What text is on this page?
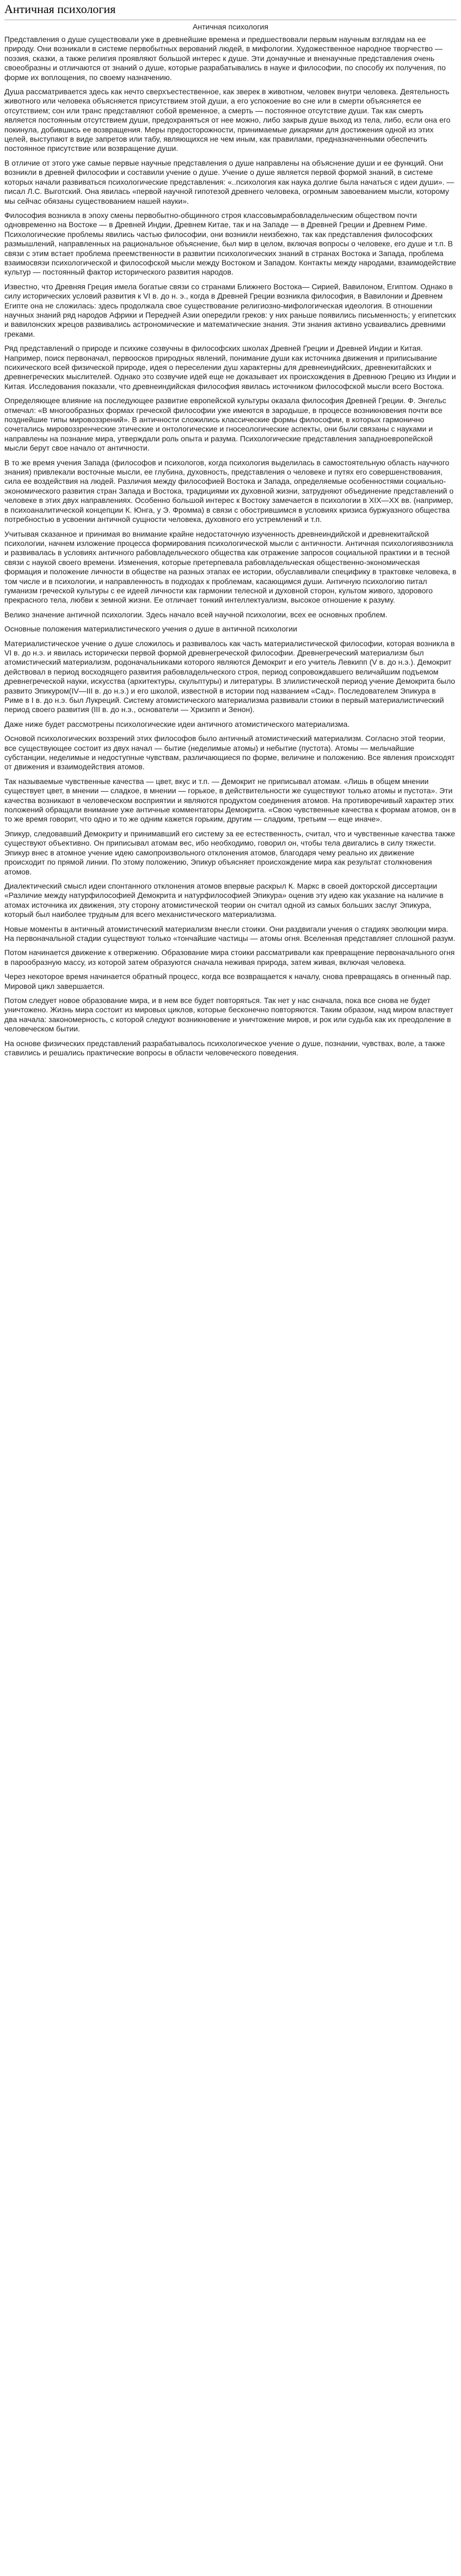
Античная психология
Античная психология

Представления о душе существовали уже в древнейшие времена и предшествовали первым научным взглядам на ее природу. Они возникали в системе первобытных верований людей, в мифологии. Художественное народное творчество — поэзия, сказки, а также религия проявляют большой интерес к душе. Эти донаучные и вненаучные представления очень своеобразны и отличаются от знаний о душе, которые разрабатывались в науке и философии, по способу их получения, по форме их воплощения, по своему назначению.

Душа рассматривается здесь как нечто сверхъестественное, как зверек в животном, человек внутри человека. Деятельность животного или человека объясняется присутствием этой души, а его успокоение во сне или в смерти объясняется ее отсутствием; сон или транс представляют собой временное, а смерть — постоянное отсутствие души. Так как смерть является постоянным отсутствием души, предохраняться от нее можно, либо закрыв душе выход из тела, либо, если она его покинула, добившись ее возвращения. Меры предосторожности, принимаемые дикарями для достижения одной из этих целей, выступают в виде запретов или табу, являющихся не чем иным, как правилами, предназначенными обеспечить постоянное присутствие или возвращение души.

В отличие от этого уже самые первые научные представления о душе направлены на объяснение души и ее функций. Они возникли в древней философии и составили учение о душе. Учение о душе является первой формой знаний, в системе которых начали развиваться психологические представления: «..психология как наука долгие была начаться с идеи души». — писал Л.С. Выготский. Она явилась «первой научной гипотезой древнего человека, огромным завоеванием мысли, которому мы сейчас обязаны существованием нашей науки».

Философия возникла в эпоху смены первобытно-общинного строя классовымрабовладельческим обществом почти одновременно на Востоке — в Древней Индии, Древнем Китае, так и на Западе — в Древней Греции и Древнем Риме. Психологические проблемы явились частью философии, они возникли неизбежно, так как представления философских размышлений, направленных на рациональное объяснение, был мир в целом, включая вопросы о человеке, его душе и т.п. В связи с этим встает проблема преемственности в развитии психологических знаний в странах Востока и Запада, проблема взаимосвязи психологической и философской мысли между Востоком и Западом. Контакты между народами, взаимодействие культур — постоянный фактор исторического развития народов.

Известно, что Древняя Греция имела богатые связи со странами Ближнего Востока— Сирией, Вавилоном, Египтом. Однако в силу исторических условий развития к VI в. до н. э., когда в Древней Греции возникла философия, в Вавилонии и Древнем Египте она не сложилась: здесь продолжала свое существование религиозно-мифологическая идеология. В отношении научных знаний ряд народов Африки и Передней Азии опередили греков: у них раньше появились письменность; у египетских и вавилонских жрецов развивались астрономические и математические знания. Эти знания активно усваивались древними греками.

Ряд представлений о природе и психике созвучны в философских школах Древней Греции и Древней Индии и Китая. Например, поиск первоначал, первоосков природных явлений, понимание души как источника движения и приписывание психического всей физической природе, идея о переселении душ характерны для древнеиндийских, древнекитайских и древнегреческих мыслителей. Однако это созвучие идей еще не доказывает их происхождения в Древнюю Грецию из Индии и Китая. Исследования показали, что древнеиндийская философия явилась источником философской мысли всего Востока.

Определяющее влияние на последующее развитие европейской культуры оказала философия Древней Греции. Ф. Энгельс отмечал: «В многообразных формах греческой философии уже имеются в зародыше, в процессе возникновения почти все позднейшие типы мировоззрений». В античности сложились классические формы философии, в которых гармонично сочетались мировоззренческие этические и онтологические и гносеологические аспекты, они были связаны с науками и направлены на познание мира, утверждали роль опыта и разума. Психологические представления западноевропейской мысли берут свое начало от античности.

В то же время учения Запада (философов и психологов, когда психология выделилась в самостоятельную область научного знания) привлекали восточные мысли, ее глубина, духовность, представления о человеке и путях его совершенствования, сила ее воздействия на людей. Различия между философией Востока и Запада, определяемые особенностями социально-экономического развития стран Запада и Востока, традициями их духовной жизни, затрудняют объединение представлений о человеке в этих двух направлениях. Особенно большой интерес к Востоку замечается в психологии в XIX—XX вв. (например, в психоаналитической концепции К. Юнга, у Э. Фромма) в связи с обострившимся в условиях кризиса буржуазного общества потребностью в усвоении античной сущности человека, духовного его устремлений и т.п.

Учитывая сказанное и принимая во внимание крайне недостаточную изученность древнеиндийской и древнекитайской психологии, начнем изложение процесса формирования психологической мысли с античности. Античная психологиявозникла и развивалась в условиях античного рабовладельческого общества как отражение запросов социальной практики и в тесной связи с наукой своего времени. Изменения, которые претерпевала рабовладельческая общественно-экономическая формация и положение личности в обществе на разных этапах ее истории, обуславливали специфику в трактовке человека, в том числе и в психологии, и направленность в подходах к проблемам, касающимся души. Античную психологию питал гуманизм греческой культуры с ее идеей личности как гармонии телесной и духовной сторон, культом живого, здорового прекрасного тела, любви к земной жизни. Ее отличает тонкий интеллектуализм, высокое отношение к разуму.

Велико значение античной психологии. Здесь начало всей научной психологии, всех ее основных проблем.

Основные положения материалистического учения о душе в античной психологии

Материалистическое учение о душе сложилось и развивалось как часть материалистической философии, которая возникла в VI в. до н.э. и явилась исторически первой формой древнегреческой философии. Древнегреческий материализм был атомистический материализм, родоначальниками которого являются Демокрит и его учитель Левкипп (V в. до н.э.). Демокрит действовал в период восходящего развития рабовладельческого строя, период сопровождавшего величайшим подъемом древнегреческой науки, искусства (архитектуры, скульптуры) и литературы. В злилистической период учение Демокрита было развито Эпикуром(IV—III в. до н.э.) и его школой, известной в истории под названием «Сад». Последователем Эпикура в Риме в I в. до н.э. был Лукреций. Систему атомистического материализма развивали стоики в первый материалистический период своего развития (III в. до н.э., основатели — Хризипп и Зенон).

Даже ниже будет рассмотрены психологические идеи античного атомистического материализма.

Основой психологических воззрений этих философов было античный атомистический материализм. Согласно этой теории, все существующее состоит из двух начал — бытие (неделимые атомы) и небытие (пустота). Атомы — мельчайшие субстанции, неделимые и недоступные чувствам, различающиеся по форме, величине и положению. Все явления происходят от движения и взаимодействия атомов.

Так называемые чувственные качества — цвет, вкус и т.п. — Демокрит не приписывал атомам. «Лишь в общем мнении существует цвет, в мнении — сладкое, в мнении — горькое, в действительности же существуют только атомы и пустота». Эти качества возникают в человеческом восприятии и являются продуктом соединения атомов. На противоречивый характер этих положений обращали внимание уже античные комментаторы Демокрита. «Свою чувственные качества к формам атомов, он в то же время говорит, что одно и то же одним кажется горьким, другим — сладким, третьим — еще иначе».

Эпикур, следовавший Демокриту и принимавший его систему за ее естественность, считал, что и чувственные качества также существуют объективно. Он приписывал атомам вес, ибо необходимо, говорил он, чтобы тела двигались в силу тяжести. Эпикур внес в атомное учение идею самопроизвольного отклонения атомов, благодаря чему реально их движение происходит по прямой линии. По этому положению, Эпикур объясняет происхождение мира как результат столкновения атомов.

Диалектический смысл идеи спонтанного отклонения атомов впервые раскрыл К. Маркс в своей докторской диссертации «Различие между натурфилософией Демокрита и натурфилософией Эпикура» оценив эту идею как указание на наличие в атомах источника их движения, эту сторону атомистической теории он считал одной из самых больших заслуг Эпикура, который был наиболее трудным для всего механистического материализма.

Новые моменты в античный атомистический материализм внесли стоики. Они раздвигали учения о стадиях эволюции мира. На первоначальной стадии существуют только «тончайшие частицы — атомы огня. Вселенная представляет сплошной разум.

Потом начинается движение к отвержению. Образование мира стоики рассматривали как превращение первоначального огня в парообразную массу, из которой затем образуются сначала неживая природа, затем живая, включая человека.

Через некоторое время начинается обратный процесс, когда все возвращается к началу, снова превращаясь в огненный пар. Мировой цикл завершается.

Потом следует новое образование мира, и в нем все будет повторяться. Так нет у нас сначала, пока все снова не будет уничтожено. Жизнь мира состоит из мировых циклов, которые бесконечно повторяются. Таким образом, над миром властвует два начала: закономерность, с которой следуют возникновение и уничтожение миров, и рок или судьба как их преодоление в человеческом бытии.

На основе физических представлений разрабатывалось психологическое учение о душе, познании, чувствах, воле, а также ставились и решались практические вопросы в области человеческого поведения.
